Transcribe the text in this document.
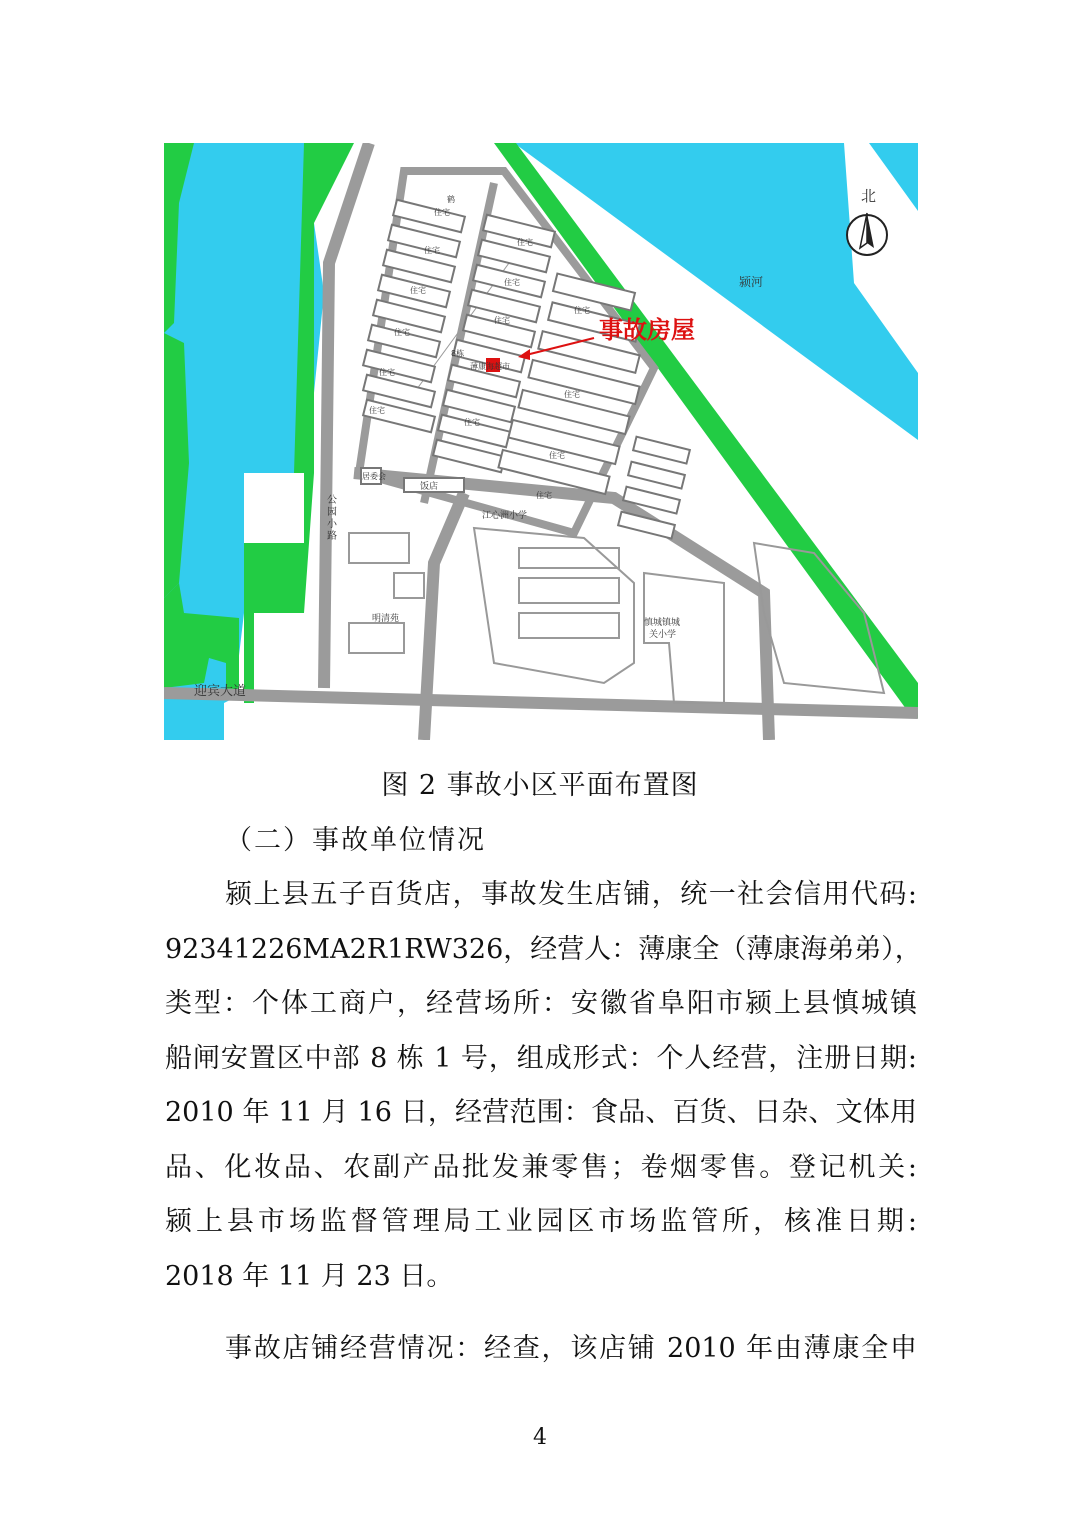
北
颍河
事故房屋
迎宾大道
公
园
小
路
江心洲小学
慎城镇城
关小学
明清苑
饭店
居委会
鹤
8栋
薄康海超市
住宅
住宅
住宅
住宅
住宅
住宅
住宅
住宅
住宅
住宅
住宅
住宅
住宅
住宅
图 2 事故小区平面布置图
（二）事故单位情况
颍上县五子百货店，事故发生店铺，统一社会信用代码:
92341226MA2R1RW326，经营人：薄康全（薄康海弟弟），
类型：个体工商户，经营场所：安徽省阜阳市颍上县慎城镇
船闸安置区中部 8 栋 1 号，组成形式：个人经营，注册日期:
2010 年 11 月 16 日，经营范围：食品、百货、日杂、文体用
品、化妆品、农副产品批发兼零售；卷烟零售。登记机关:
颍上县市场监督管理局工业园区市场监管所，核准日期:
2018 年 11 月 23 日。
事故店铺经营情况：经查，该店铺 2010 年由薄康全申
4
